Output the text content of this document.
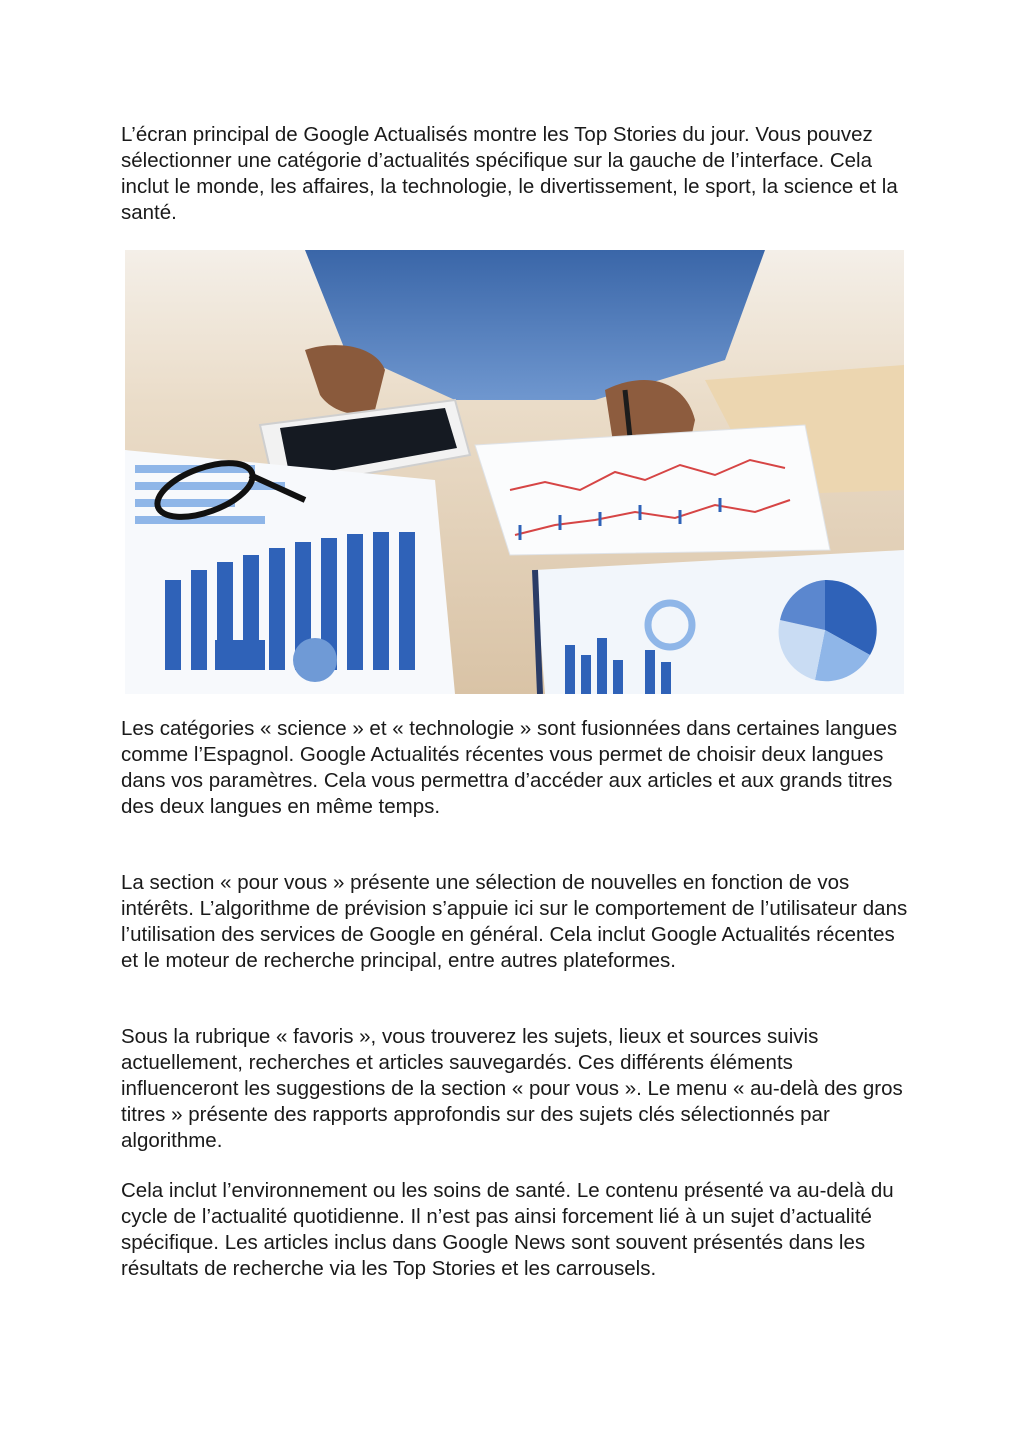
L’écran principal de Google Actualisés montre les Top Stories du jour. Vous pouvez sélectionner une catégorie d’actualités spécifique sur la gauche de l’interface. Cela inclut le monde, les affaires, la technologie, le divertissement, le sport, la science et la santé.

Les catégories « science » et « technologie » sont fusionnées dans certaines langues comme l’Espagnol. Google Actualités récentes vous permet de choisir deux langues dans vos paramètres. Cela vous permettra d’accéder aux articles et aux grands titres des deux langues en même temps.

La section « pour vous » présente une sélection de nouvelles en fonction de vos intérêts. L’algorithme de prévision s’appuie ici sur le comportement de l’utilisateur dans l’utilisation des services de Google en général. Cela inclut Google Actualités récentes et le moteur de recherche principal, entre autres plateformes.

Sous la rubrique « favoris », vous trouverez les sujets, lieux et sources suivis actuellement, recherches et articles sauvegardés. Ces différents éléments influenceront les suggestions de la section « pour vous ». Le menu « au-delà des gros titres » présente des rapports approfondis sur des sujets clés sélectionnés par algorithme.

Cela inclut l’environnement ou les soins de santé. Le contenu présenté va au-delà du cycle de l’actualité quotidienne. Il n’est pas ainsi forcement lié à un sujet d’actualité spécifique. Les articles inclus dans Google News sont souvent présentés dans les résultats de recherche via les Top Stories et les carrousels.
